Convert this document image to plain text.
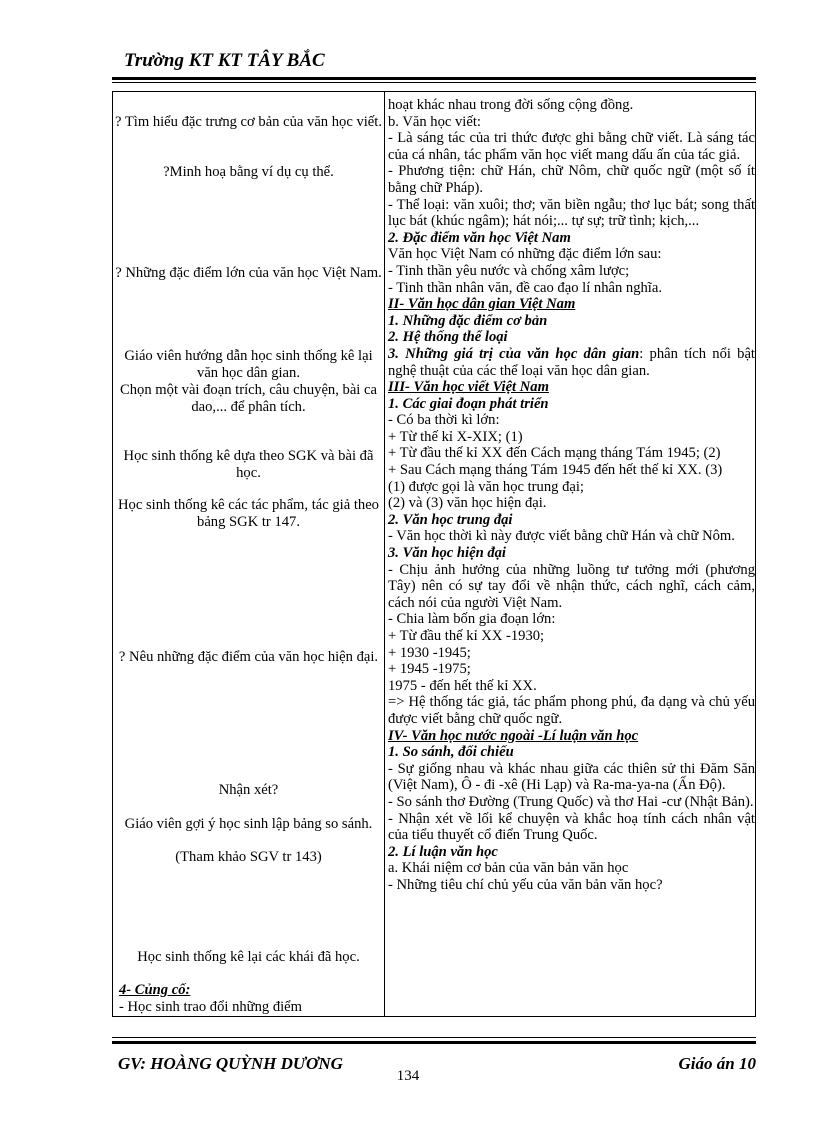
Trường KT KT TÂY BẮC
? Tìm hiểu đặc trưng cơ bản của văn học viết.
?Minh hoạ bằng ví dụ cụ thể.
? Những đặc điểm lớn của văn học Việt Nam.
Giáo viên hướng dẫn học sinh thống kê lại văn học dân gian.
Chọn một vài đoạn trích, câu chuyện, bài ca dao,... để phân tích.
Học sinh thống kê dựa theo SGK và bài đã học.
Học sinh thống kê các tác phẩm, tác giả theo bảng SGK tr 147.
? Nêu những đặc điểm của văn học hiện đại.
Nhận xét?
Giáo viên gợi ý học sinh lập bảng so sánh.
(Tham khảo SGV tr 143)
Học sinh thống kê lại các khái đã học.
4- Củng cố:
- Học sinh trao đổi những điểm
hoạt khác nhau trong đời sống cộng đồng.
b. Văn học viết:
- Là sáng tác của tri thức được ghi bằng chữ viết. Là sáng tác của cá nhân, tác phẩm văn học viết mang dấu ấn của tác giả.
- Phương tiện: chữ Hán, chữ Nôm, chữ quốc ngữ (một số ít bằng chữ Pháp).
- Thể loại: văn xuôi; thơ; văn biền ngẫu; thơ lục bát; song thất lục bát (khúc ngâm); hát nói;... tự sự; trữ tình; kịch,...
2. Đặc điểm văn học Việt Nam
Văn học Việt Nam có những đặc điểm lớn sau:
- Tinh thần yêu nước và chống xâm lược;
- Tinh thần nhân văn, đề cao đạo lí nhân nghĩa.
II- Văn học dân gian Việt Nam
1. Những đặc điểm cơ bản
2. Hệ thống thể loại
3. Những giá trị của văn học dân gian: phân tích nổi bật nghệ thuật của các thể loại văn học dân gian.
III- Văn học viết Việt Nam
1. Các giai đoạn phát triển
- Có ba thời kì lớn:
+ Từ thế kỉ X-XIX; (1)
+ Từ đầu thế kỉ XX đến Cách mạng tháng Tám 1945; (2)
+ Sau Cách mạng tháng Tám 1945 đến hết thế kỉ XX. (3)
(1) được gọi là văn học trung đại;
(2) và (3) văn học hiện đại.
2. Văn học trung đại
- Văn học thời kì này được viết bằng chữ Hán và chữ Nôm.
3. Văn học hiện đại
- Chịu ảnh hưởng của những luồng tư tưởng mới (phương Tây) nên có sự tay đổi về nhận thức, cách nghĩ, cách cảm, cách nói của người Việt Nam.
- Chia làm bốn gia đoạn lớn:
+ Từ đầu thế kỉ XX -1930;
+ 1930 -1945;
+ 1945 -1975;
1975 - đến hết thế kỉ XX.
=> Hệ thống tác giả, tác phẩm phong phú, đa dạng và chủ yếu được viết bằng chữ quốc ngữ.
IV- Văn học nước ngoài -Lí luận văn học
1. So sánh, đối chiếu
- Sự giống nhau và khác nhau giữa các thiên sử thi Đăm Săn (Việt Nam), Ô - đi -xê (Hi Lạp) và Ra-ma-ya-na (Ấn Độ).
- So sánh thơ Đường (Trung Quốc) và thơ Hai -cư (Nhật Bản).
- Nhận xét về lối kể chuyện và khắc hoạ tính cách nhân vật của tiểu thuyết cổ điển Trung Quốc.
2. Lí luận văn học
a. Khái niệm cơ bản của văn bản văn học
- Những tiêu chí chủ yếu của văn bản văn học?
GV: HOÀNG QUỲNH DƯƠNG	Giáo án 10
134
